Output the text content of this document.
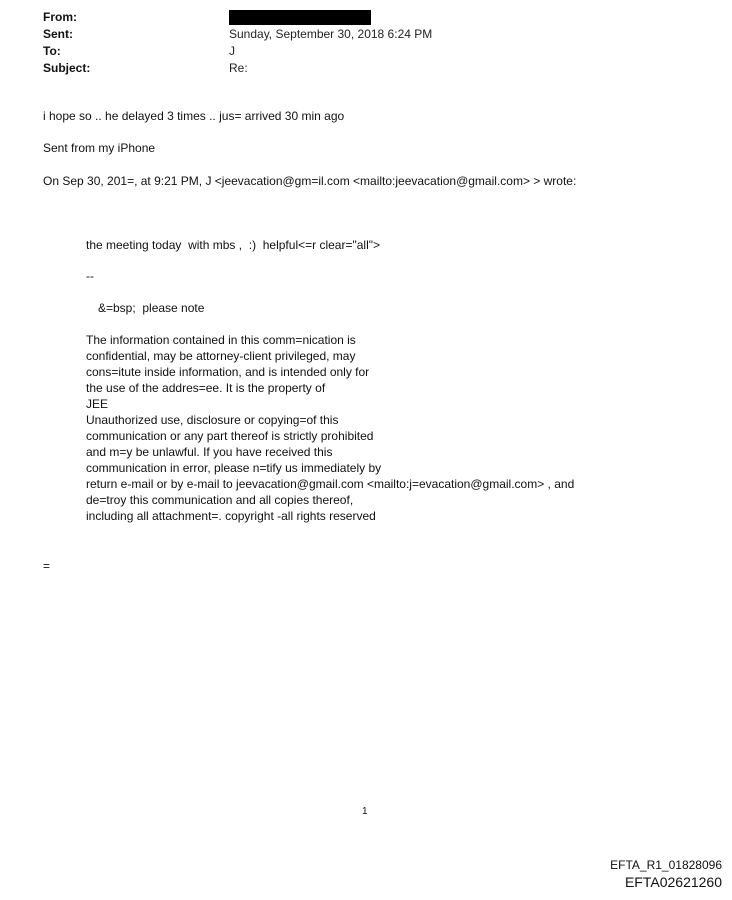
From:
Sent:	Sunday, September 30, 2018 6:24 PM
To:	J
Subject:	Re:
i hope so .. he delayed 3 times .. jus= arrived 30 min ago
Sent from my iPhone
On Sep 30, 201=, at 9:21 PM, J <jeevacation@gm=il.com <mailto:jeevacation@gmail.com> > wrote:
the meeting today  with mbs ,  :)  helpful<=r clear="all">
--
&=bsp;  please note
The information contained in this comm=nication is
confidential, may be attorney-client privileged, may
cons=itute inside information, and is intended only for
the use of the addres=ee. It is the property of
JEE
Unauthorized use, disclosure or copying=of this
communication or any part thereof is strictly prohibited
and m=y be unlawful. If you have received this
communication in error, please n=tify us immediately by
return e-mail or by e-mail to jeevacation@gmail.com <mailto:j=evacation@gmail.com> , and
de=troy this communication and all copies thereof,
including all attachment=. copyright -all rights reserved
=
1
EFTA_R1_01828096
EFTA02621260
